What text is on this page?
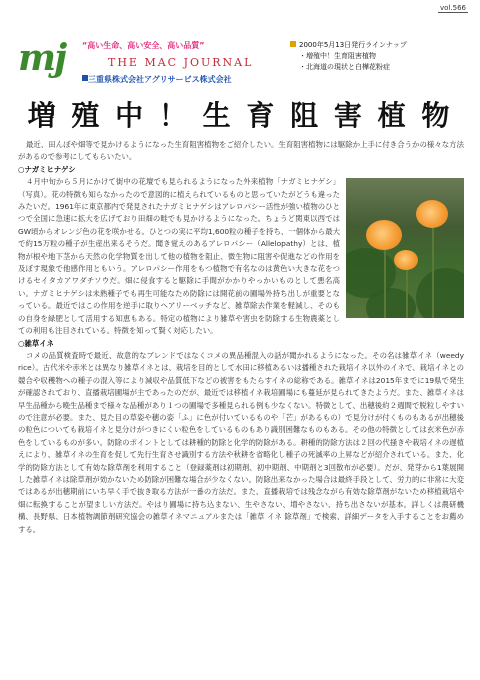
vol.566
mj “高い生命、高い安全、高い品質”
THE MAC JOURNAL
三重県株式会社アグリサービス株式会社
2000年5月13日発行ラインナップ
・増殖中！生育阻害植物
・北海道の現状と白樺花粉症
増 殖 中 ！ 生 育 阻 害 植 物

最近、田んぼや畑等で見かけるようになった生育阻害植物をご紹介したい。生育阻害植物には駆除か上手に付き合うかの様々な方法があるので参考にしてもらいたい。

○ナガミヒナゲシ

４月中旬から５月にかけて街中の花壇でも見られるようになった外来植物「ナガミヒナゲシ」（写真）。花の特徴も知らなかったので意図的に植えられているものと思っていたがどうも違ったみたいだ。1961年に東京都内で発見されたナガミヒナゲシはアレロパシー活性が強い植物のひとつで全国に急速に拡大を広げており田畑の畦でも見かけるようになった。ちょうど関東以西ではGW頃からオレンジ色の花を咲かせる。ひとつの実に平均1,600粒の種子を持ち、一個体から最大で約15万粒の種子が生産出来るそうだ。聞き覚えのあるアレロパシー（Allelopathy）とは、植物が根や地下茎から天然の化学物質を出して他の植物を阻止、微生物に阻害や促進などの作用を及ぼす現象で他感作用ともいう。アレロパシー作用をもつ植物で有名なのは黄色い大きな花をつけるセイタカアワダチソウだ。畑に侵食すると駆除に手間がかかりやっかいものとして悪名高い。ナガミヒナゲシは未熟種子でも再生可能なため防除には開花前の圃場外持ち出しが重要となっている。最近ではこの作用を逆手に取りヘアリーベッチなど、雑草除去作業を軽減し、そのもの自身を緑肥として活用する知恵もある。特定の植物により雑草や害虫を防除する生物農薬としての利用も注目されている。特徴を知って賢く対応したい。

○雑草イネ

コメの品質検査時で最近、故意的なブレンドではなくコメの異品種混入の話が聞かれるようになった。その名は雑草イネ（weedy rice）。古代米や赤米とは異なり雑草イネとは、栽培を目的として水田に移植あるいは播種された栽培イネ以外のイネで、栽培イネとの競合や収穫物への種子の混入等により減収や品質低下などの被害をもたらすイネの総称である。雑草イネは2015年までに19県で発生が確認されており、直播栽培圃場が主であったのだが、最近では移植イネ栽培圃場にも蔓延が見られてきたようだ。また、雑草イネは早生品種から晩生品種まで様々な品種があり１つの圃場で多種見られる例も少なくない。特徴として、出穂後約２週間で脱粒しやすいので注意が必要。また、見た目の草姿や穂の姿「ふ」に色が付いているものや「芒」があるもの）で見分けが付くものもあるが出穂後の粒色についても栽培イネと見分けがつきにくい粒色をしているものもあり識別困難なものもある。その他の特徴としては玄米色が赤色をしているものが多い。防除のポイントとしては耕種的防除と化学的防除がある。耕種的防除方法は２回の代掻きや栽培イネの遅植えにより、雑草イネの生育を促して先行生育させ識別する方法や秋耕を省略化し種子の死滅率の上昇などが紹介されている。また、化学的防除方法として有効な除草剤を利用すること（登録薬剤は初期剤、初中期剤、中期剤と3回散布が必要）。だが、発芽から1葉展開した雑草イネは除草剤が効かないため防除が困難な場合が少なくない。防除出来なかった場合は最終手段として、労力的に非常に大変ではあるが出穂期前にいち早く手で抜き取る方法が一番の方法だ。また、直播栽培では残念ながら有効な除草剤がないため移植栽培や畑に転換することが望ましい方法だ。やはり圃場に持ち込まない、生やさない、増やさない、持ち出さないが基本。詳しくは農研機構、長野県、日本植物調節剤研究協会の雑草イネマニュアルまたは「雑草 イネ 除草剤」で検索、詳細データを入手することをお薦めする。
